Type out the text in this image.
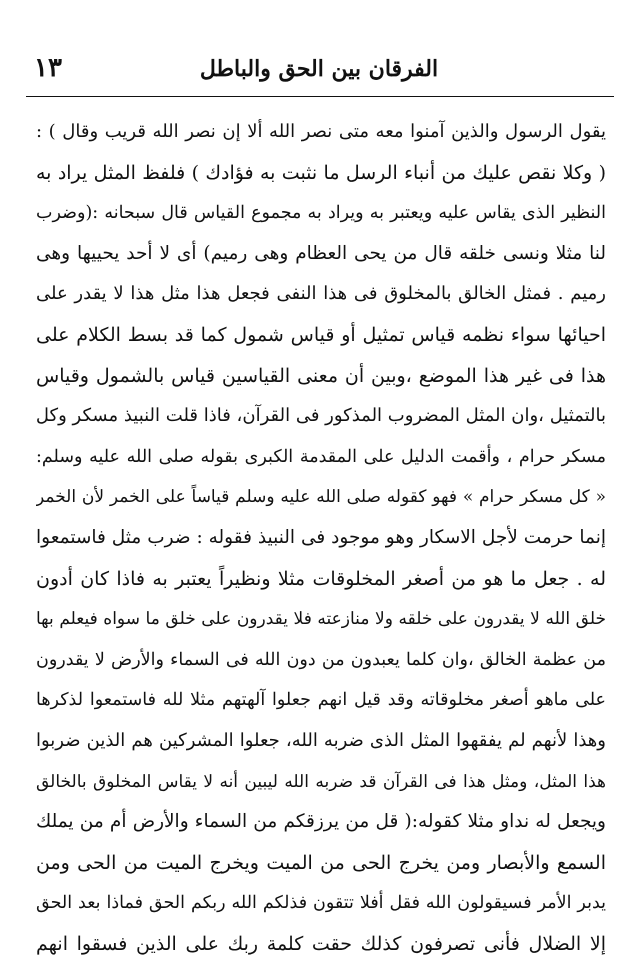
١٣	الفرقان بين الحق والباطل
يقول الرسول والذين آمنوا معه متى نصر الله ألا إن نصر الله قريب وقال ) :
( وكلا نقص عليك من أنباء الرسل ما نثبت به فؤادك ) فلفظ المثل يراد به
النظير الذى يقاس عليه ويعتبر به ويراد به مجموع القياس قال سبحانه :(وضرب
لنا مثلا ونسى خلقه قال من يحى العظام وهى رميم) أى لا أحد يحييها وهى
رميم . فمثل الخالق بالمخلوق فى هذا النفى فجعل هذا مثل هذا لا يقدر على
احيائها سواء نظمه قياس تمثيل أو قياس شمول كما قد بسط الكلام على
هذا فى غير هذا الموضع ،وبين أن معنى القياسين قياس بالشمول وقياس
بالتمثيل ،وان المثل المضروب المذكور فى القرآن، فاذا قلت النبيذ مسكر وكل
مسكر حرام ، وأقمت الدليل على المقدمة الكبرى بقوله صلى الله عليه وسلم:
« كل مسكر حرام » فهو كقوله صلى الله عليه وسلم قياساً على الخمر لأن الخمر
إنما حرمت لأجل الاسكار وهو موجود فى النبيذ فقوله : ضرب مثل فاستمعوا
له . جعل ما هو من أصغر المخلوقات مثلا ونظيراً يعتبر به فاذا كان أدون
خلق الله لا يقدرون على خلقه ولا منازعته فلا يقدرون على خلق ما سواه فيعلم بها
من عظمة الخالق ،وان كلما يعبدون من دون الله فى السماء والأرض لا يقدرون
على ماهو أصغر مخلوقاته وقد قيل انهم جعلوا آلهتهم مثلا لله فاستمعوا لذكرها
وهذا لأنهم لم يفقهوا المثل الذى ضربه الله، جعلوا المشركين هم الذين ضربوا
هذا المثل، ومثل هذا فى القرآن قد ضربه الله ليبين أنه لا يقاس المخلوق بالخالق
ويجعل له نداو مثلا كقوله:( قل من يرزقكم من السماء والأرض أم من يملك
السمع والأبصار ومن يخرج الحى من الميت ويخرج الميت من الحى ومن
يدبر الأمر فسيقولون الله فقل أفلا تتقون فذلكم الله ربكم الحق فماذا بعد الحق
إلا الضلال فأنى تصرفون كذلك حقت كلمة ربك على الذين فسقوا انهم
